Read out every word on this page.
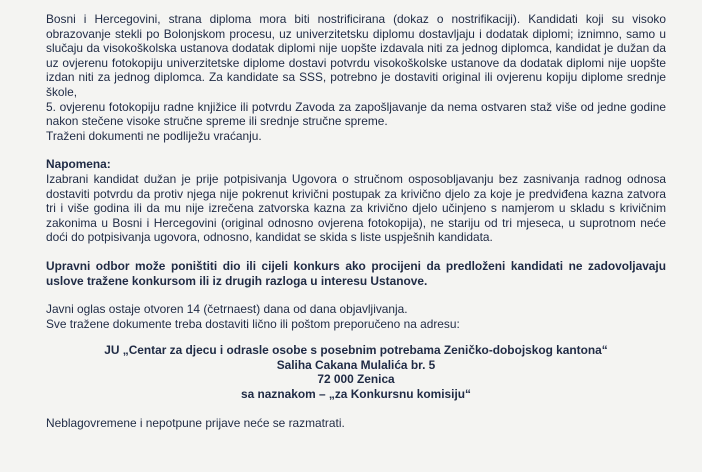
Bosni i Hercegovini, strana diploma mora biti nostrificirana (dokaz o nostrifikaciji). Kandidati koji su visoko obrazovanje stekli po Bolonjskom procesu, uz univerzitetsku diplomu dostavljaju i dodatak diplomi; iznimno, samo u slučaju da visokoškolska ustanova dodatak diplomi nije uopšte izdavala niti za jednog diplomca, kandidat je dužan da uz ovjerenu fotokopiju univerzitetske diplome dostavi potvrdu visokoškolske ustanove da dodatak diplomi nije uopšte izdan niti za jednog diplomca. Za kandidate sa SSS, potrebno je dostaviti original ili ovjerenu kopiju diplome srednje škole,

5. ovjerenu fotokopiju radne knjižice ili potvrdu Zavoda za zapošljavanje da nema ostvaren staž više od jedne godine nakon stečene visoke stručne spreme ili srednje stručne spreme.

Traženi dokumenti ne podliježu vraćanju.

Napomena:

Izabrani kandidat dužan je prije potpisivanja Ugovora o stručnom osposobljavanju bez zasnivanja radnog odnosa dostaviti potvrdu da protiv njega nije pokrenut krivični postupak za krivično djelo za koje je predviđena kazna zatvora tri i više godina ili da mu nije izrečena zatvorska kazna za krivično djelo učinjeno s namjerom u skladu s krivičnim zakonima u Bosni i Hercegovini (original odnosno ovjerena fotokopija), ne stariju od tri mjeseca, u suprotnom neće doći do potpisivanja ugovora, odnosno, kandidat se skida s liste uspješnih kandidata.

Upravni odbor može poništiti dio ili cijeli konkurs ako procijeni da predloženi kandidati ne zadovoljavaju uslove tražene konkursom ili iz drugih razloga u interesu Ustanove.

Javni oglas ostaje otvoren 14 (četrnaest) dana od dana objavljivanja.

Sve tražene dokumente treba dostaviti lično ili poštom preporučeno na adresu:

JU „Centar za djecu i odrasle osobe s posebnim potrebama Zeničko-dobojskog kantona“

Saliha Cakana Mulalića br. 5

72 000 Zenica

sa naznakom – „za Konkursnu komisiju“

Neblagovremene i nepotpune prijave neće se razmatrati.
